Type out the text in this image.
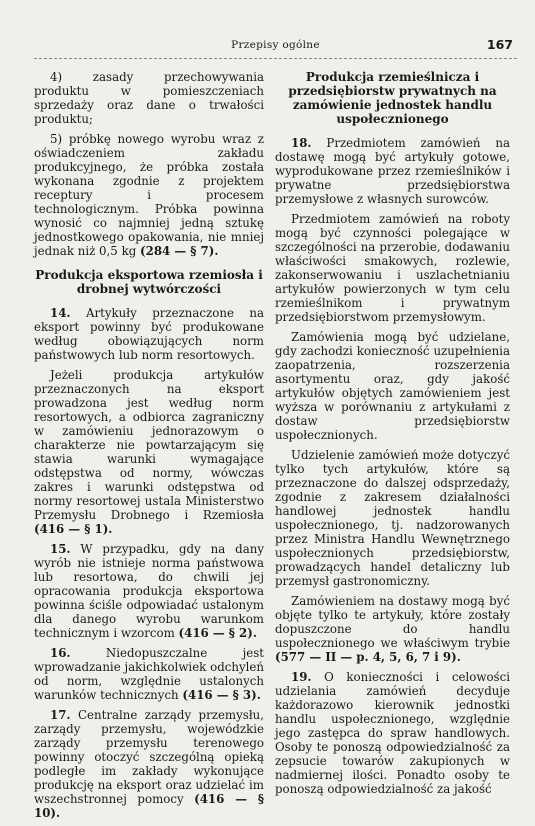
Przepisy ogólne	167

4) zasady przechowywania produktu w pomieszczeniach sprzedaży oraz dane o trwałości produktu;

5) próbkę nowego wyrobu wraz z oświadczeniem zakładu produkcyjnego, że próbka została wykonana zgodnie z projektem receptury i procesem technologicznym. Próbka powinna wynosić co najmniej jedną sztukę jednostkowego opakowania, nie mniej jednak niż 0,5 kg (284 — § 7).

Produkcja eksportowa rzemiosła i drobnej wytwórczości

14. Artykuły przeznaczone na eksport powinny być produkowane według obowiązujących norm państwowych lub norm resortowych.

Jeżeli produkcja artykułów przeznaczonych na eksport prowadzona jest według norm resortowych, a odbiorca zagraniczny w zamówieniu jednorazowym o charakterze nie powtarzającym się stawia warunki wymagające odstępstwa od normy, wówczas zakres i warunki odstępstwa od normy resortowej ustala Ministerstwo Przemysłu Drobnego i Rzemiosła (416 — § 1).

15. W przypadku, gdy na dany wyrób nie istnieje norma państwowa lub resortowa, do chwili jej opracowania produkcja eksportowa powinna ściśle odpowiadać ustalonym dla danego wyrobu warunkom technicznym i wzorcom (416 — § 2).

16.	Niedopuszczalne jest wprowadzanie jakichkolwiek odchyleń od norm, względnie ustalonych warunków technicznych (416 — § 3).

17. Centralne zarządy przemysłu, zarządy przemysłu, wojewódzkie zarządy przemysłu terenowego powinny otoczyć szczególną opieką podległe im zakłady wykonujące produkcję na eksport oraz udzielać im wszechstronnej pomocy (416 — § 10).

Produkcja rzemieślnicza i przedsiębiorstw prywatnych na zamówienie jednostek handlu uspołecznionego

18. Przedmiotem zamówień na dostawę mogą być artykuły gotowe, wyprodukowane przez rzemieślników i prywatne przedsiębiorstwa przemysłowe z własnych surowców.

Przedmiotem zamówień na roboty mogą być czynności polegające w szczególności na przerobie, dodawaniu właściwości smakowych, rozlewie, zakonserwowaniu i uszlachetnianiu artykułów powierzonych w tym celu rzemieślnikom i prywatnym przedsiębiorstwom przemysłowym.

Zamówienia mogą być udzielane, gdy zachodzi konieczność uzupełnienia zaopatrzenia, rozszerzenia asortymentu oraz, gdy jakość artykułów objętych zamówieniem jest wyższa w porównaniu z artykułami z dostaw przedsiębiorstw uspołecznionych.

Udzielenie zamówień może dotyczyć tylko tych artykułów, które są przeznaczone do dalszej odsprzedaży, zgodnie z zakresem działalności handlowej jednostek handlu uspołecznionego, tj. nadzorowanych przez Ministra Handlu Wewnętrznego uspołecznionych przedsiębiorstw, prowadzących handel detaliczny lub przemysł gastronomiczny.

Zamówieniem na dostawy mogą być objęte tylko te artykuły, które zostały dopuszczone do handlu uspołecznionego we właściwym trybie (577 — II — p. 4, 5, 6, 7 i 9).

19. O konieczności i celowości udzielania zamówień decyduje każdorazowo kierownik jednostki handlu uspołecznionego, względnie jego zastępca do spraw handlowych. Osoby te ponoszą odpowiedzialność za zepsucie towarów zakupionych w nadmiernej ilości. Ponadto osoby te ponoszą odpowiedzialność za jakość
